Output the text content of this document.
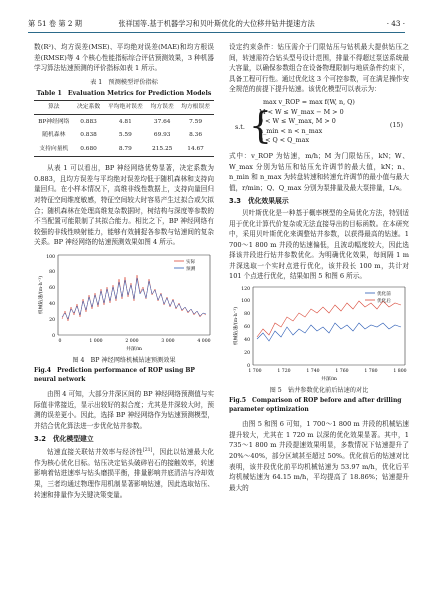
第 51 卷 第 2 期	张祥国等.基于机器学习和贝叶斯优化的大位移井钻井提速方法	· 43 ·

数(R²)、均方误差(MSE)、平均绝对误差(MAE)和均方根误差(RMSE)等 4 个核心性能指标综合评估预测效果，3 种机器学习算法钻速预测的评价指标如表 1 所示。

表 1　预测模型评价指标
Table 1　Evaluation Metrics for Prediction Models
算法	决定系数	平均绝对误差	均方误差	均方根误差
BP神经网络	0.883	4.81	37.64	7.59
随机森林	0.838	5.59	69.93	8.36
支持向量机	0.680	8.79	215.25	14.67

从表 1 可以看出，BP 神经网络优势显著，决定系数为 0.883，且均方误差与平均绝对误差均低于随机森林和支持向量回归。在小样本情况下，高维非线性数据上，支持向量回归对特征空间维度敏感，特征空间较大时容易产生过拟合或欠拟合；随机森林在处理高维复杂数据时，树结构与深度等参数的不当配置可能限制了其拟合能力。相比之下，BP 神经网络有较强的非线性映射能力，能够有效捕捉各参数与钻速间的复杂关系。BP 神经网络的钻速预测效果如图 4 所示。

0
20
40
60
80
100
0	1 000	2 000	3 000	4 000
井深/m
机械钻速/(m·h⁻¹)
实际
预测
图 4　BP 神经网络机械钻速预测效果
Fig.4　Prediction performance of ROP using BP neural network

由图 4 可知，大部分井深区间的 BP 神经网络预测值与实际值非常接近，显示出较好的拟合度；尤其是井深较大时，预测的误差更小。因此，选择 BP 神经网络作为钻速预测模型，并结合优化算法进一步优化钻井参数。

3.2　优化模型建立

钻速直接关联钻井效率与经济性[21]，因此以钻速最大化作为核心优化目标。钻压决定钻头破碎岩石的接触效率，转速影响着钻进速率与钻头磨损平衡，排量影响井底清洁与冷却效果，三者均通过物理作用机制显著影响钻速，因此选取钻压、转速和排量作为关键决策变量。

设定约束条件：钻压需介于门限钻压与钻机最大提供钻压之间，转速需符合钻头型号设计范围，排量不得超过泵送系统最大容量，以确保参数组合在设备物理限制与地质条件约束下，具备工程可行性。通过优化这 3 个可控参数，可在满足操作安全规范的前提下提升钻速。该优化模型可以表示为：

max v_ROP = max f(W, n, Q)
s.t. {
M < W ≤ W_max − M > 0
0 < W ≤ W_max, M > 0
n_min < n < n_max
0 < Q < Q_max
(15)

式中：v_ROP 为钻速，m/h；M 为门限钻压，kN；W、W_max 分别为钻压和钻压允许调节的最大值，kN；n、n_min 和 n_max 为转盘转速和转速允许调节的最小值与最大值，r/min；Q、Q_max 分别为泵排量及最大泵排量，L/s。

3.3　优化效果展示

贝叶斯优化是一种基于概率模型的全局优化方法，特别适用于优化计算代价复杂或无法直接导出的目标函数。在本研究中，采用贝叶斯优化来调整钻井参数，以获得最高的钻速。1 700～1 800 m 井段的钻速偏低，且波动幅度较大，因此选择该井段进行钻井参数优化。为明确优化效果，每间隔 1 m 井深选取一个实时点进行优化，该井段长 100 m，共计对 101 个点进行优化，结果如图 5 和图 6 所示。

0
20
40
60
80
100
120
1 700	1 720	1 740	1 760	1 780	1 800
井深/m
机械钻速/(m·h⁻¹)
优化前
优化后
图 5　钻井参数优化前后钻速的对比
Fig.5　Comparison of ROP before and after drilling parameter optimization

由图 5 和图 6 可知，1 700～1 800 m 井段的机械钻速提升较大，尤其在 1 720 m 以深的优化效果显著。其中，1 735～1 800 m 井段提速效果明显，多数情况下钻速提升了 20%～40%，部分区域甚至超过 50%。优化前后的钻速对比表明，该井段优化前平均机械钻速为 53.97 m/h，优化后平均机械钻速为 64.15 m/h，平均提高了 18.86%；钻速提升最大的
